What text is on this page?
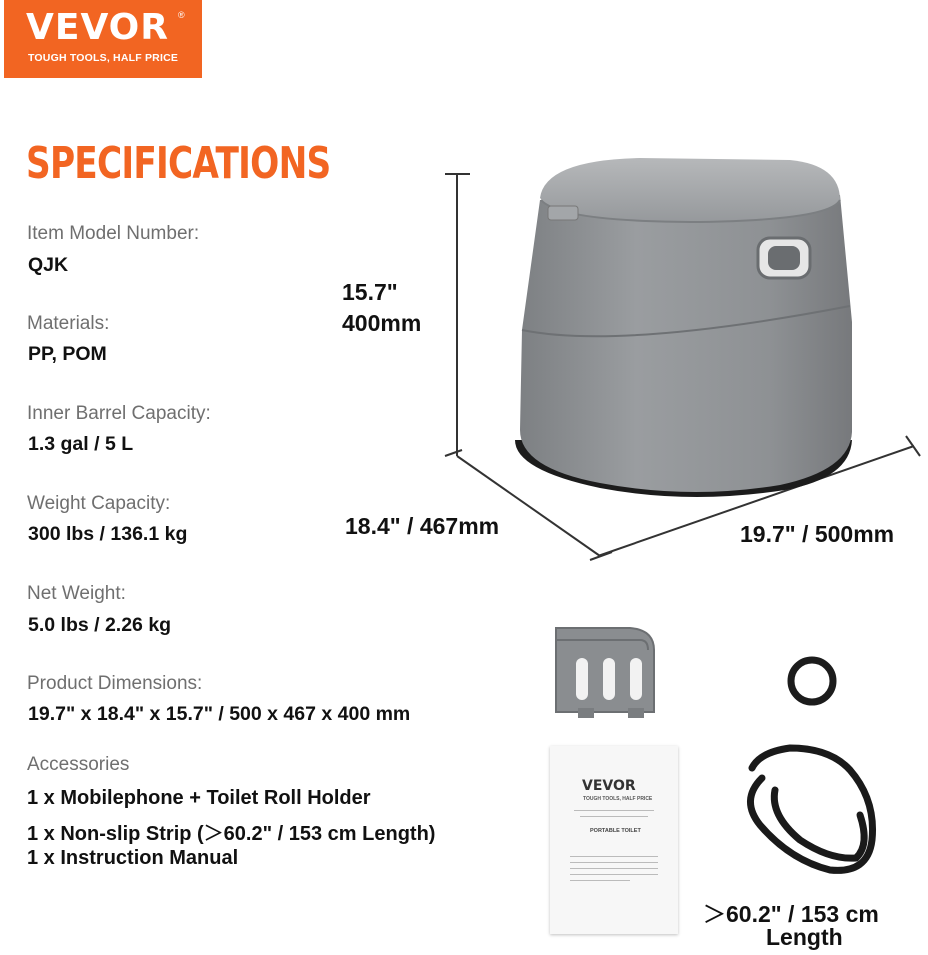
VEVOR ®
TOUGH TOOLS, HALF PRICE
SPECIFICATIONS
Item Model Number:
QJK
Materials:
PP, POM
Inner Barrel Capacity:
1.3 gal / 5 L
Weight Capacity:
300 lbs / 136.1 kg
Net Weight:
5.0 lbs / 2.26 kg
Product Dimensions:
19.7" x 18.4" x 15.7" / 500 x 467 x 400 mm
Accessories
1 x Mobilephone + Toilet Roll Holder
1 x Non-slip Strip (＞60.2" / 153 cm Length)
1 x Instruction Manual
VEVOR
TOUGH TOOLS, HALF PRICE
PORTABLE TOILET
15.7"
400mm
18.4" / 467mm	19.7" / 500mm
＞60.2" / 153 cm
Length
